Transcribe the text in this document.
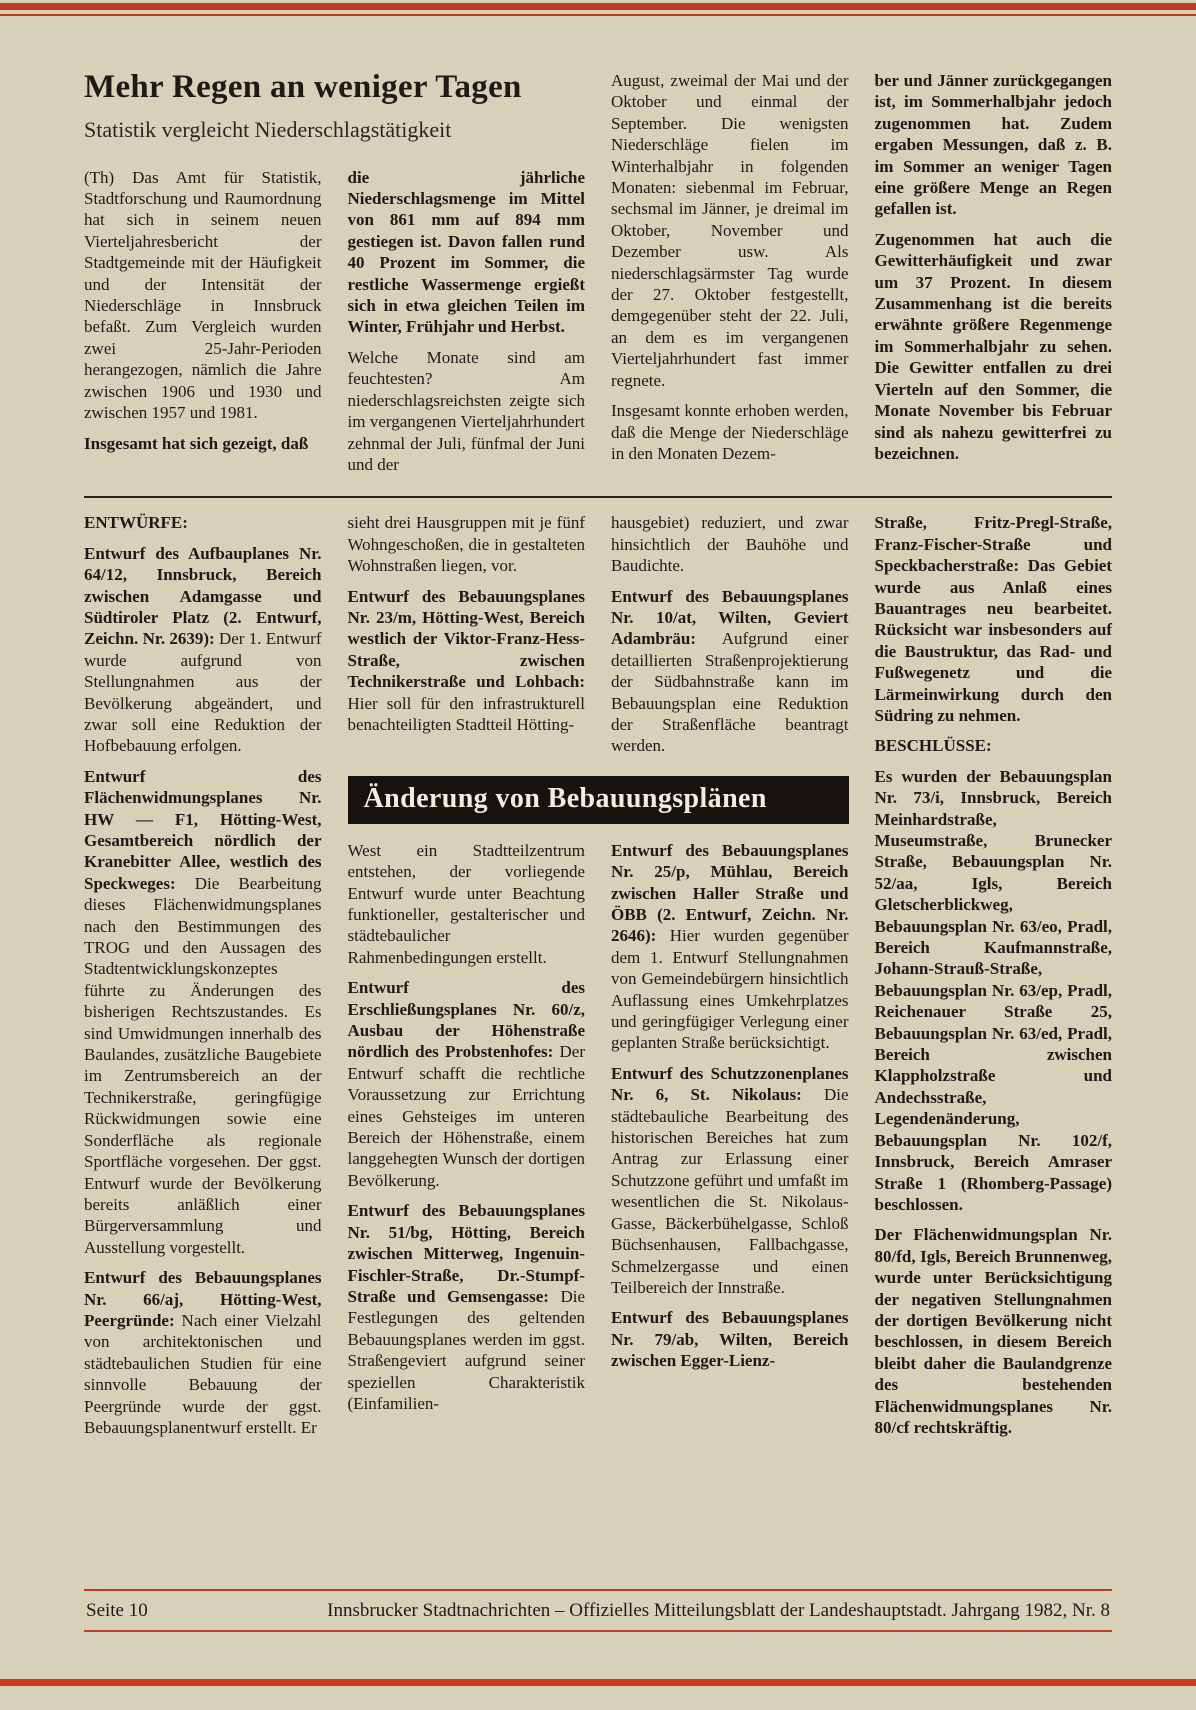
Mehr Regen an weniger Tagen
Statistik vergleicht Niederschlagstätigkeit

(Th) Das Amt für Statistik, Stadtforschung und Raumordnung hat sich in seinem neuen Vierteljahresbericht der Stadtgemeinde mit der Häufigkeit und der Intensität der Niederschläge in Innsbruck befaßt. Zum Vergleich wurden zwei 25-Jahr-Perioden herangezogen, nämlich die Jahre zwischen 1906 und 1930 und zwischen 1957 und 1981.

Insgesamt hat sich gezeigt, daß

die jährliche Niederschlagsmenge im Mittel von 861 mm auf 894 mm gestiegen ist. Davon fallen rund 40 Prozent im Sommer, die restliche Wassermenge ergießt sich in etwa gleichen Teilen im Winter, Frühjahr und Herbst.

Welche Monate sind am feuchtesten? Am niederschlagsreichsten zeigte sich im vergangenen Vierteljahrhundert zehnmal der Juli, fünfmal der Juni und der

August, zweimal der Mai und der Oktober und einmal der September. Die wenigsten Niederschläge fielen im Winterhalbjahr in folgenden Monaten: siebenmal im Februar, sechsmal im Jänner, je dreimal im Oktober, November und Dezember usw. Als niederschlagsärmster Tag wurde der 27. Oktober festgestellt, demgegenüber steht der 22. Juli, an dem es im vergangenen Vierteljahrhundert fast immer regnete.

Insgesamt konnte erhoben werden, daß die Menge der Niederschläge in den Monaten Dezem-

ber und Jänner zurückgegangen ist, im Sommerhalbjahr jedoch zugenommen hat. Zudem ergaben Messungen, daß z. B. im Sommer an weniger Tagen eine größere Menge an Regen gefallen ist.

Zugenommen hat auch die Gewitterhäufigkeit und zwar um 37 Prozent. In diesem Zusammenhang ist die bereits erwähnte größere Regenmenge im Sommerhalbjahr zu sehen. Die Gewitter entfallen zu drei Vierteln auf den Sommer, die Monate November bis Februar sind als nahezu gewitterfrei zu bezeichnen.

ENTWÜRFE:

Entwurf des Aufbauplanes Nr. 64/12, Innsbruck, Bereich zwischen Adamgasse und Südtiroler Platz (2. Entwurf, Zeichn. Nr. 2639): Der 1. Entwurf wurde aufgrund von Stellungnahmen aus der Bevölkerung abgeändert, und zwar soll eine Reduktion der Hofbebauung erfolgen.

Entwurf des Flächenwidmungsplanes Nr. HW — F1, Hötting-West, Gesamtbereich nördlich der Kranebitter Allee, westlich des Speckweges: Die Bearbeitung dieses Flächenwidmungsplanes nach den Bestimmungen des TROG und den Aussagen des Stadtentwicklungskonzeptes führte zu Änderungen des bisherigen Rechtszustandes. Es sind Umwidmungen innerhalb des Baulandes, zusätzliche Baugebiete im Zentrumsbereich an der Technikerstraße, geringfügige Rückwidmungen sowie eine Sonderfläche als regionale Sportfläche vorgesehen. Der ggst. Entwurf wurde der Bevölkerung bereits anläßlich einer Bürgerversammlung und Ausstellung vorgestellt.

Entwurf des Bebauungsplanes Nr. 66/aj, Hötting-West, Peergründe: Nach einer Vielzahl von architektonischen und städtebaulichen Studien für eine sinnvolle Bebauung der Peergründe wurde der ggst. Bebauungsplanentwurf erstellt. Er

sieht drei Hausgruppen mit je fünf Wohngeschoßen, die in gestalteten Wohnstraßen liegen, vor.

Entwurf des Bebauungsplanes Nr. 23/m, Hötting-West, Bereich westlich der Viktor-Franz-Hess-Straße, zwischen Technikerstraße und Lohbach: Hier soll für den infrastrukturell benachteiligten Stadtteil Hötting-

hausgebiet) reduziert, und zwar hinsichtlich der Bauhöhe und Baudichte.

Entwurf des Bebauungsplanes Nr. 10/at, Wilten, Geviert Adambräu: Aufgrund einer detaillierten Straßenprojektierung der Südbahnstraße kann im Bebauungsplan eine Reduktion der Straßenfläche beantragt werden.

Änderung von Bebauungsplänen

West ein Stadtteilzentrum entstehen, der vorliegende Entwurf wurde unter Beachtung funktioneller, gestalterischer und städtebaulicher Rahmenbedingungen erstellt.

Entwurf des Erschließungsplanes Nr. 60/z, Ausbau der Höhenstraße nördlich des Probstenhofes: Der Entwurf schafft die rechtliche Voraussetzung zur Errichtung eines Gehsteiges im unteren Bereich der Höhenstraße, einem langgehegten Wunsch der dortigen Bevölkerung.

Entwurf des Bebauungsplanes Nr. 51/bg, Hötting, Bereich zwischen Mitterweg, Ingenuin-Fischler-Straße, Dr.-Stumpf-Straße und Gemsengasse: Die Festlegungen des geltenden Bebauungsplanes werden im ggst. Straßengeviert aufgrund seiner speziellen Charakteristik (Einfamilien-

Entwurf des Bebauungsplanes Nr. 25/p, Mühlau, Bereich zwischen Haller Straße und ÖBB (2. Entwurf, Zeichn. Nr. 2646): Hier wurden gegenüber dem 1. Entwurf Stellungnahmen von Gemeindebürgern hinsichtlich Auflassung eines Umkehrplatzes und geringfügiger Verlegung einer geplanten Straße berücksichtigt.

Entwurf des Schutzzonenplanes Nr. 6, St. Nikolaus: Die städtebauliche Bearbeitung des historischen Bereiches hat zum Antrag zur Erlassung einer Schutzzone geführt und umfaßt im wesentlichen die St. Nikolaus-Gasse, Bäckerbühelgasse, Schloß Büchsenhausen, Fallbachgasse, Schmelzergasse und einen Teilbereich der Innstraße.

Entwurf des Bebauungsplanes Nr. 79/ab, Wilten, Bereich zwischen Egger-Lienz-

Straße, Fritz-Pregl-Straße, Franz-Fischer-Straße und Speckbacherstraße: Das Gebiet wurde aus Anlaß eines Bauantrages neu bearbeitet. Rücksicht war insbesonders auf die Baustruktur, das Rad- und Fußwegenetz und die Lärmeinwirkung durch den Südring zu nehmen.

BESCHLÜSSE:

Es wurden der Bebauungsplan Nr. 73/i, Innsbruck, Bereich Meinhardstraße, Museumstraße, Brunecker Straße, Bebauungsplan Nr. 52/aa, Igls, Bereich Gletscherblickweg, Bebauungsplan Nr. 63/eo, Pradl, Bereich Kaufmannstraße, Johann-Strauß-Straße, Bebauungsplan Nr. 63/ep, Pradl, Reichenauer Straße 25, Bebauungsplan Nr. 63/ed, Pradl, Bereich zwischen Klappholzstraße und Andechsstraße, Legendenänderung, Bebauungsplan Nr. 102/f, Innsbruck, Bereich Amraser Straße 1 (Rhomberg-Passage) beschlossen.

Der Flächenwidmungsplan Nr. 80/fd, Igls, Bereich Brunnenweg, wurde unter Berücksichtigung der negativen Stellungnahmen der dortigen Bevölkerung nicht beschlossen, in diesem Bereich bleibt daher die Baulandgrenze des bestehenden Flächenwidmungsplanes Nr. 80/cf rechtskräftig.

Seite 10	Innsbrucker Stadtnachrichten – Offizielles Mitteilungsblatt der Landeshauptstadt. Jahrgang 1982, Nr. 8
